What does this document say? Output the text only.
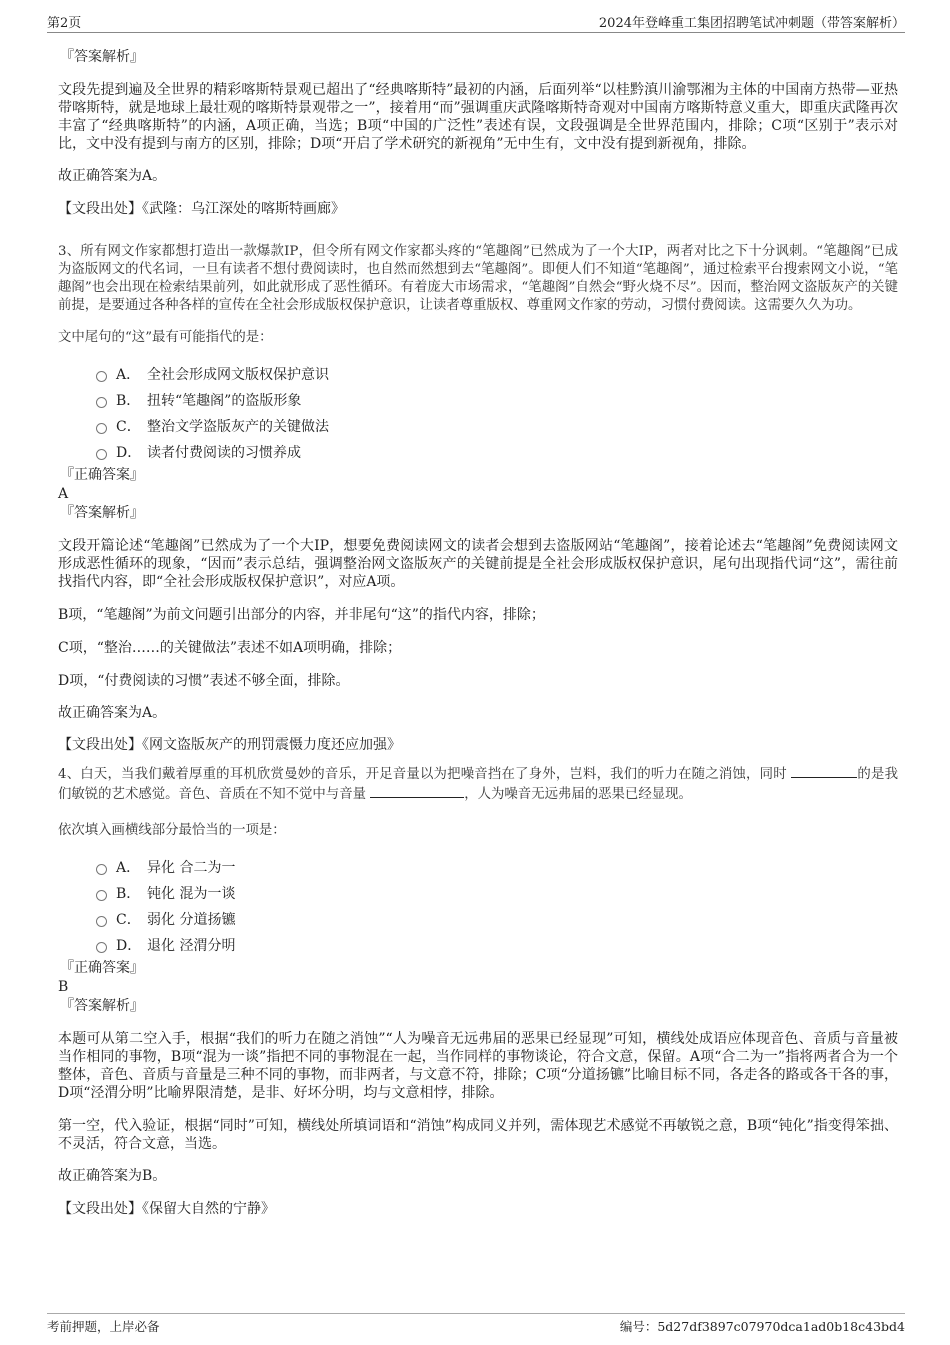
第2页	2024年登峰重工集团招聘笔试冲刺题（带答案解析）

『答案解析』

文段先提到遍及全世界的精彩喀斯特景观已超出了“经典喀斯特”最初的内涵，后面列举“以桂黔滇川渝鄂湘为主体的中国南方热带—亚热带喀斯特，就是地球上最壮观的喀斯特景观带之一”，接着用“而”强调重庆武隆喀斯特奇观对中国南方喀斯特意义重大，即重庆武隆再次丰富了“经典喀斯特”的内涵，A项正确，当选；B项“中国的广泛性”表述有误，文段强调是全世界范围内，排除；C项“区别于”表示对比，文中没有提到与南方的区别，排除；D项“开启了学术研究的新视角”无中生有，文中没有提到新视角，排除。

故正确答案为A。

【文段出处】《武隆：乌江深处的喀斯特画廊》

3、所有网文作家都想打造出一款爆款IP，但令所有网文作家都头疼的“笔趣阁”已然成为了一个大IP，两者对比之下十分讽刺。“笔趣阁”已成为盗版网文的代名词，一旦有读者不想付费阅读时，也自然而然想到去“笔趣阁”。即便人们不知道“笔趣阁”，通过检索平台搜索网文小说，“笔趣阁”也会出现在检索结果前列，如此就形成了恶性循环。有着庞大市场需求，“笔趣阁”自然会“野火烧不尽”。因而，整治网文盗版灰产的关键前提，是要通过各种各样的宣传在全社会形成版权保护意识，让读者尊重版权、尊重网文作家的劳动，习惯付费阅读。这需要久久为功。

文中尾句的“这”最有可能指代的是：

A． 全社会形成网文版权保护意识
B． 扭转“笔趣阁”的盗版形象
C． 整治文学盗版灰产的关键做法
D． 读者付费阅读的习惯养成

『正确答案』

A

『答案解析』

文段开篇论述“笔趣阁”已然成为了一个大IP，想要免费阅读网文的读者会想到去盗版网站“笔趣阁”，接着论述去“笔趣阁”免费阅读网文形成恶性循环的现象，“因而”表示总结，强调整治网文盗版灰产的关键前提是全社会形成版权保护意识，尾句出现指代词“这”，需往前找指代内容，即“全社会形成版权保护意识”，对应A项。

B项，“笔趣阁”为前文问题引出部分的内容，并非尾句“这”的指代内容，排除；

C项，“整治……的关键做法”表述不如A项明确，排除；

D项，“付费阅读的习惯”表述不够全面，排除。

故正确答案为A。

【文段出处】《网文盗版灰产的刑罚震慑力度还应加强》

4、白天，当我们戴着厚重的耳机欣赏曼妙的音乐，开足音量以为把噪音挡在了身外，岂料，我们的听力在随之消蚀，同时	的是我们敏锐的艺术感觉。音色、音质在不知不觉中与音量	，人为噪音无远弗届的恶果已经显现。

依次填入画横线部分最恰当的一项是：

A． 异化 合二为一
B． 钝化 混为一谈
C． 弱化 分道扬镳
D． 退化 泾渭分明

『正确答案』

B

『答案解析』

本题可从第二空入手，根据“我们的听力在随之消蚀”“人为噪音无远弗届的恶果已经显现”可知，横线处成语应体现音色、音质与音量被当作相同的事物，B项“混为一谈”指把不同的事物混在一起，当作同样的事物谈论，符合文意，保留。A项“合二为一”指将两者合为一个整体，音色、音质与音量是三种不同的事物，而非两者，与文意不符，排除；C项“分道扬镳”比喻目标不同，各走各的路或各干各的事，D项“泾渭分明”比喻界限清楚，是非、好坏分明，均与文意相悖，排除。

第一空，代入验证，根据“同时”可知，横线处所填词语和“消蚀”构成同义并列，需体现艺术感觉不再敏锐之意，B项“钝化”指变得笨拙、不灵活，符合文意，当选。

故正确答案为B。

【文段出处】《保留大自然的宁静》

考前押题，上岸必备	编号：5d27df3897c07970dca1ad0b18c43bd4
